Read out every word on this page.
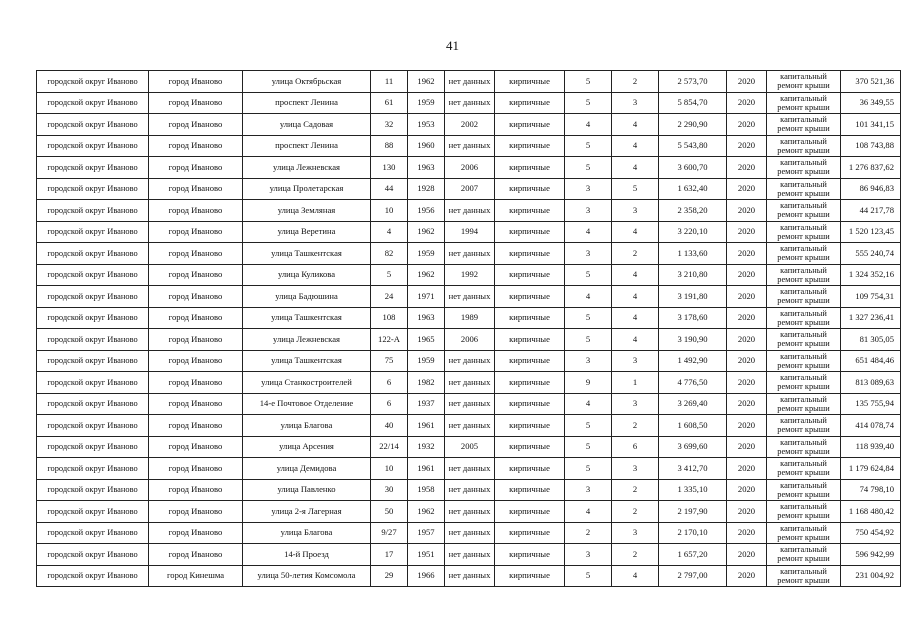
41
городской округ Иваново	город Иваново	улица Октябрьская	11	1962	нет данных	кирпичные	5	2	2 573,70	2020	капитальный ремонт крыши	370 521,36
городской округ Иваново	город Иваново	проспект Ленина	61	1959	нет данных	кирпичные	5	3	5 854,70	2020	капитальный ремонт крыши	36 349,55
городской округ Иваново	город Иваново	улица Садовая	32	1953	2002	кирпичные	4	4	2 290,90	2020	капитальный ремонт крыши	101 341,15
городской округ Иваново	город Иваново	проспект Ленина	88	1960	нет данных	кирпичные	5	4	5 543,80	2020	капитальный ремонт крыши	108 743,88
городской округ Иваново	город Иваново	улица Лежневская	130	1963	2006	кирпичные	5	4	3 600,70	2020	капитальный ремонт крыши	1 276 837,62
городской округ Иваново	город Иваново	улица Пролетарская	44	1928	2007	кирпичные	3	5	1 632,40	2020	капитальный ремонт крыши	86 946,83
городской округ Иваново	город Иваново	улица Земляная	10	1956	нет данных	кирпичные	3	3	2 358,20	2020	капитальный ремонт крыши	44 217,78
городской округ Иваново	город Иваново	улица Веретина	4	1962	1994	кирпичные	4	4	3 220,10	2020	капитальный ремонт крыши	1 520 123,45
городской округ Иваново	город Иваново	улица Ташкентская	82	1959	нет данных	кирпичные	3	2	1 133,60	2020	капитальный ремонт крыши	555 240,74
городской округ Иваново	город Иваново	улица Куликова	5	1962	1992	кирпичные	5	4	3 210,80	2020	капитальный ремонт крыши	1 324 352,16
городской округ Иваново	город Иваново	улица Бадюшина	24	1971	нет данных	кирпичные	4	4	3 191,80	2020	капитальный ремонт крыши	109 754,31
городской округ Иваново	город Иваново	улица Ташкентская	108	1963	1989	кирпичные	5	4	3 178,60	2020	капитальный ремонт крыши	1 327 236,41
городской округ Иваново	город Иваново	улица Лежневская	122-А	1965	2006	кирпичные	5	4	3 190,90	2020	капитальный ремонт крыши	81 305,05
городской округ Иваново	город Иваново	улица Ташкентская	75	1959	нет данных	кирпичные	3	3	1 492,90	2020	капитальный ремонт крыши	651 484,46
городской округ Иваново	город Иваново	улица Станкостроителей	6	1982	нет данных	кирпичные	9	1	4 776,50	2020	капитальный ремонт крыши	813 089,63
городской округ Иваново	город Иваново	14-е Почтовое Отделение	6	1937	нет данных	кирпичные	4	3	3 269,40	2020	капитальный ремонт крыши	135 755,94
городской округ Иваново	город Иваново	улица Благова	40	1961	нет данных	кирпичные	5	2	1 608,50	2020	капитальный ремонт крыши	414 078,74
городской округ Иваново	город Иваново	улица Арсения	22/14	1932	2005	кирпичные	5	6	3 699,60	2020	капитальный ремонт крыши	118 939,40
городской округ Иваново	город Иваново	улица Демидова	10	1961	нет данных	кирпичные	5	3	3 412,70	2020	капитальный ремонт крыши	1 179 624,84
городской округ Иваново	город Иваново	улица Павленко	30	1958	нет данных	кирпичные	3	2	1 335,10	2020	капитальный ремонт крыши	74 798,10
городской округ Иваново	город Иваново	улица 2-я Лагерная	50	1962	нет данных	кирпичные	4	2	2 197,90	2020	капитальный ремонт крыши	1 168 480,42
городской округ Иваново	город Иваново	улица Благова	9/27	1957	нет данных	кирпичные	2	3	2 170,10	2020	капитальный ремонт крыши	750 454,92
городской округ Иваново	город Иваново	14-й Проезд	17	1951	нет данных	кирпичные	3	2	1 657,20	2020	капитальный ремонт крыши	596 942,99
городской округ Иваново	город Кинешма	улица 50-летия Комсомола	29	1966	нет данных	кирпичные	5	4	2 797,00	2020	капитальный ремонт крыши	231 004,92
